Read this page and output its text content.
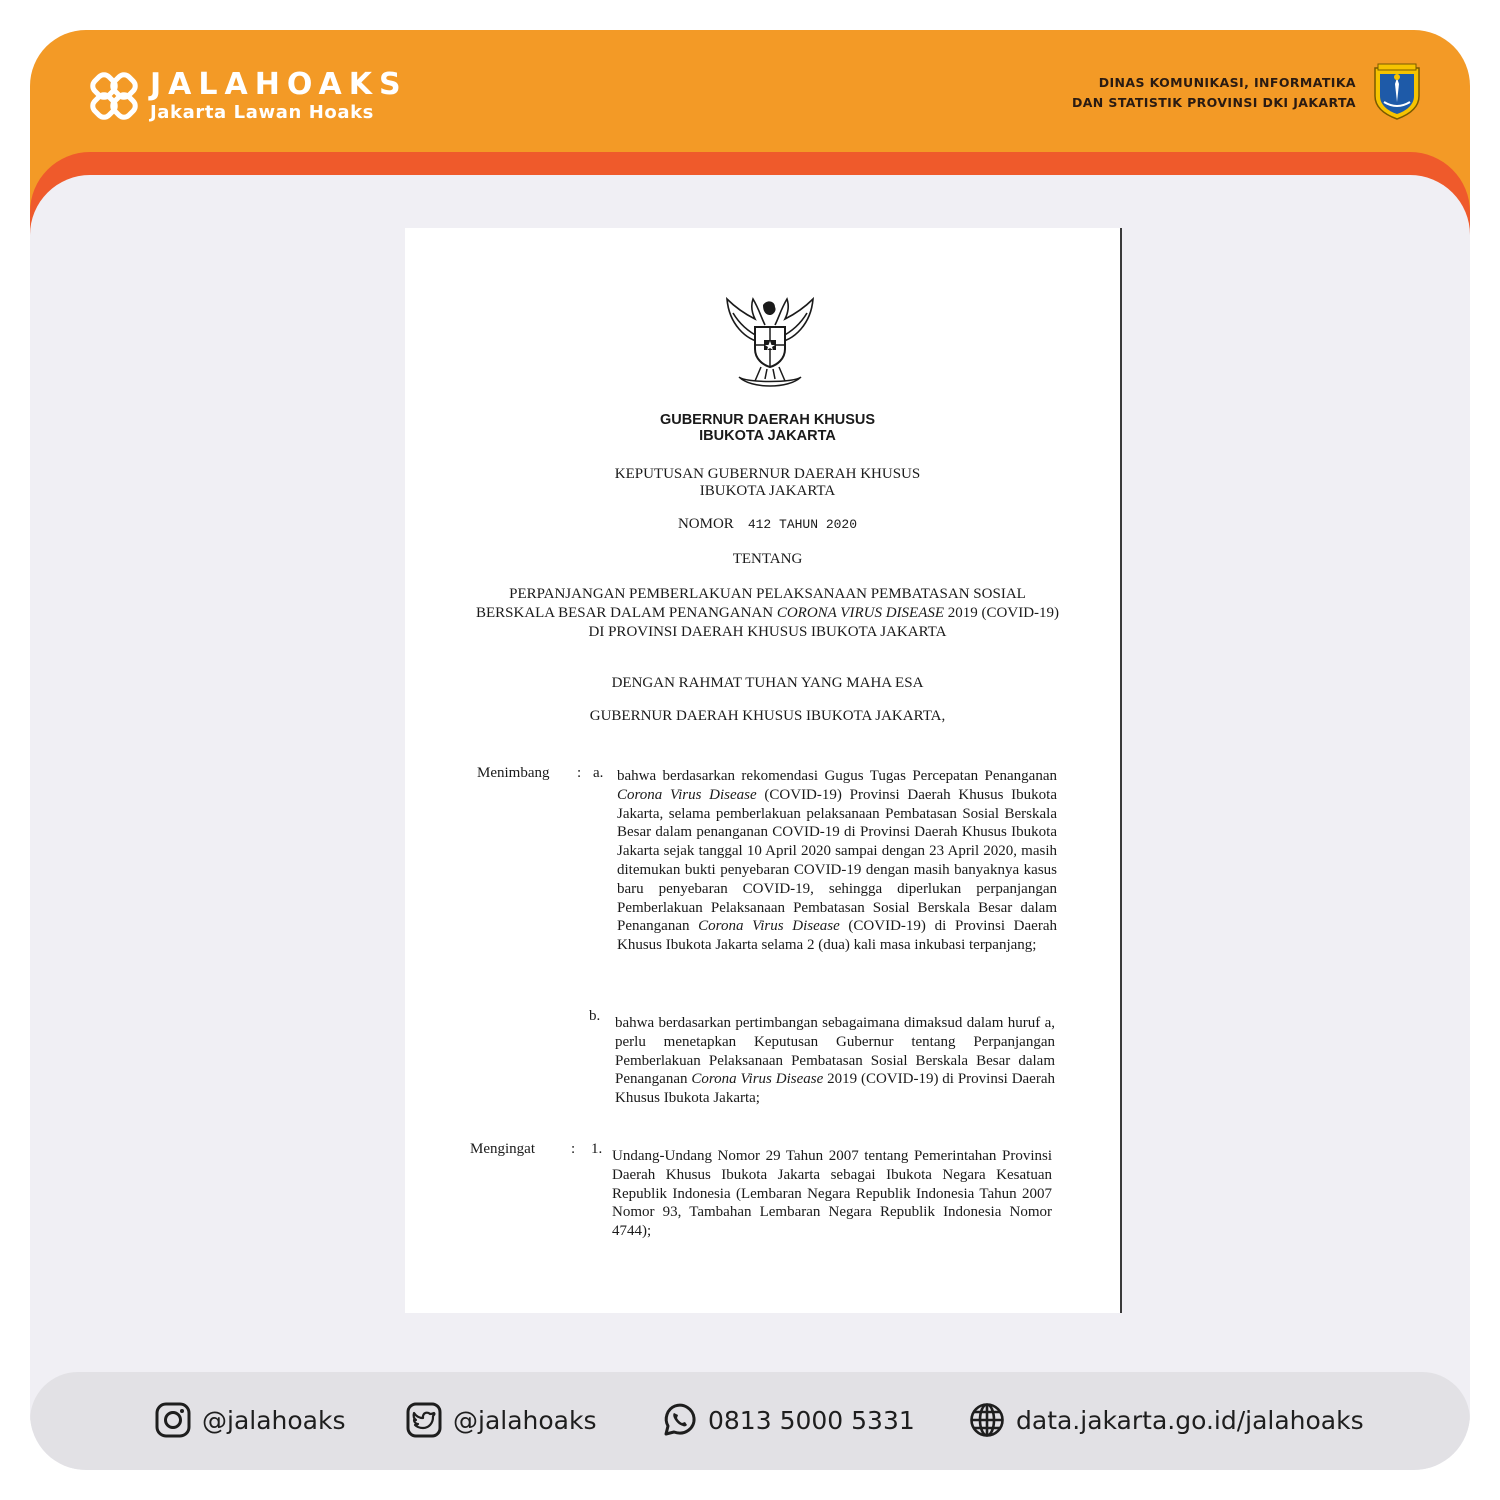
JALAHOAKS
Jakarta Lawan Hoaks
DINAS KOMUNIKASI, INFORMATIKA
DAN STATISTIK PROVINSI DKI JAKARTA
GUBERNUR DAERAH KHUSUS
IBUKOTA JAKARTA
KEPUTUSAN GUBERNUR DAERAH KHUSUS
IBUKOTA JAKARTA
NOMOR 412 TAHUN 2020
TENTANG
PERPANJANGAN PEMBERLAKUAN PELAKSANAAN PEMBATASAN SOSIAL
BERSKALA BESAR DALAM PENANGANAN CORONA VIRUS DISEASE 2019 (COVID-19)
DI PROVINSI DAERAH KHUSUS IBUKOTA JAKARTA
DENGAN RAHMAT TUHAN YANG MAHA ESA
GUBERNUR DAERAH KHUSUS IBUKOTA JAKARTA,
Menimbang : a. bahwa berdasarkan rekomendasi Gugus Tugas Percepatan Penanganan Corona Virus Disease (COVID-19) Provinsi Daerah Khusus Ibukota Jakarta, selama pemberlakuan pelaksanaan Pembatasan Sosial Berskala Besar dalam penanganan COVID-19 di Provinsi Daerah Khusus Ibukota Jakarta sejak tanggal 10 April 2020 sampai dengan 23 April 2020, masih ditemukan bukti penyebaran COVID-19 dengan masih banyaknya kasus baru penyebaran COVID-19, sehingga diperlukan perpanjangan Pemberlakuan Pelaksanaan Pembatasan Sosial Berskala Besar dalam Penanganan Corona Virus Disease (COVID-19) di Provinsi Daerah Khusus Ibukota Jakarta selama 2 (dua) kali masa inkubasi terpanjang;
b. bahwa berdasarkan pertimbangan sebagaimana dimaksud dalam huruf a, perlu menetapkan Keputusan Gubernur tentang Perpanjangan Pemberlakuan Pelaksanaan Pembatasan Sosial Berskala Besar dalam Penanganan Corona Virus Disease 2019 (COVID-19) di Provinsi Daerah Khusus Ibukota Jakarta;
Mengingat : 1. Undang-Undang Nomor 29 Tahun 2007 tentang Pemerintahan Provinsi Daerah Khusus Ibukota Jakarta sebagai Ibukota Negara Kesatuan Republik Indonesia (Lembaran Negara Republik Indonesia Tahun 2007 Nomor 93, Tambahan Lembaran Negara Republik Indonesia Nomor 4744);
@jalahoaks	@jalahoaks	0813 5000 5331	data.jakarta.go.id/jalahoaks
